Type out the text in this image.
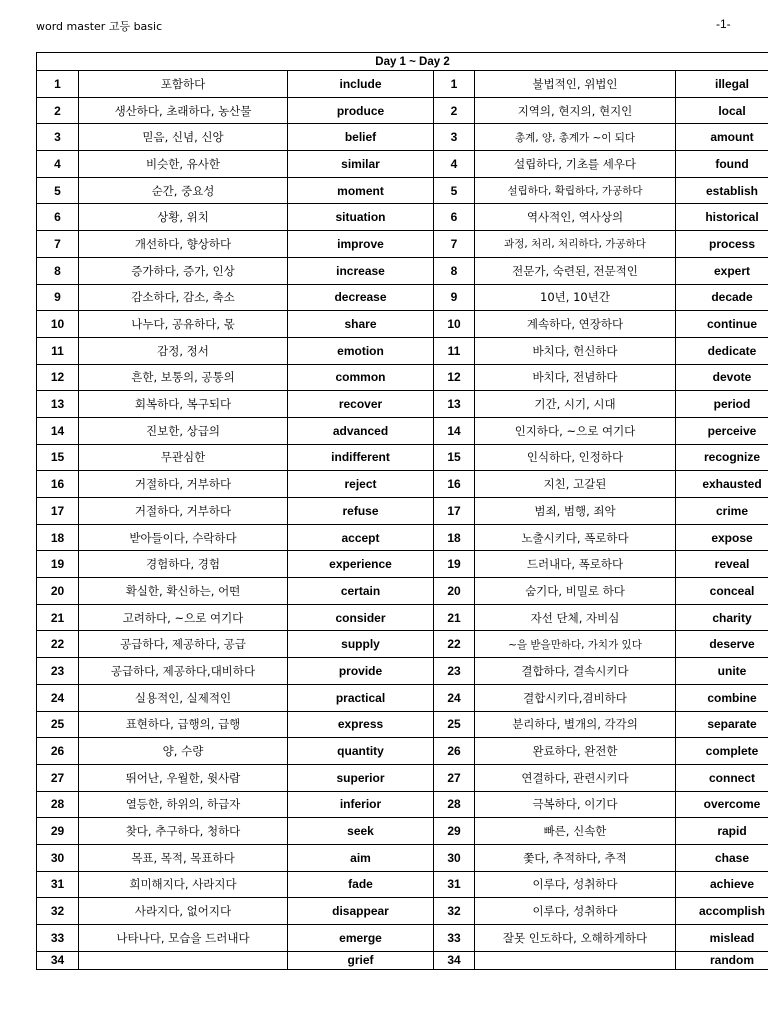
word master 고등 basic	-1-
Day 1 ~ Day 2					
1	포함하다	include	1	불법적인, 위법인	illegal
2	생산하다, 초래하다, 농산물	produce	2	지역의, 현지의, 현지인	local
3	믿음, 신념, 신앙	belief	3	총계, 양, 총계가 ~이 되다	amount
4	비슷한, 유사한	similar	4	설립하다, 기초를 세우다	found
5	순간, 중요성	moment	5	설립하다, 확립하다, 가공하다	establish
6	상황, 위치	situation	6	역사적인, 역사상의	historical
7	개선하다, 향상하다	improve	7	과정, 처리, 처리하다, 가공하다	process
8	증가하다, 증가, 인상	increase	8	전문가, 숙련된, 전문적인	expert
9	감소하다, 감소, 축소	decrease	9	10년, 10년간	decade
10	나누다, 공유하다, 몫	share	10	계속하다, 연장하다	continue
11	감정, 정서	emotion	11	바치다, 헌신하다	dedicate
12	흔한, 보통의, 공통의	common	12	바치다, 전념하다	devote
13	회복하다, 복구되다	recover	13	기간, 시기, 시대	period
14	진보한, 상급의	advanced	14	인지하다, ~으로 여기다	perceive
15	무관심한	indifferent	15	인식하다, 인정하다	recognize
16	거절하다, 거부하다	reject	16	지친, 고갈된	exhausted
17	거절하다, 거부하다	refuse	17	범죄, 범행, 죄악	crime
18	받아들이다, 수락하다	accept	18	노출시키다, 폭로하다	expose
19	경험하다, 경험	experience	19	드러내다, 폭로하다	reveal
20	확실한, 확신하는, 어떤	certain	20	숨기다, 비밀로 하다	conceal
21	고려하다, ~으로 여기다	consider	21	자선 단체, 자비심	charity
22	공급하다, 제공하다, 공급	supply	22	~을 받을만하다, 가치가 있다	deserve
23	공급하다, 제공하다,대비하다	provide	23	결합하다, 결속시키다	unite
24	실용적인, 실제적인	practical	24	결합시키다,겸비하다	combine
25	표현하다, 급행의, 급행	express	25	분리하다, 별개의, 각각의	separate
26	양, 수량	quantity	26	완료하다, 완전한	complete
27	뛰어난, 우월한, 윗사람	superior	27	연결하다, 관련시키다	connect
28	열등한, 하위의, 하급자	inferior	28	극복하다, 이기다	overcome
29	찾다, 추구하다, 청하다	seek	29	빠른, 신속한	rapid
30	목표, 목적, 목표하다	aim	30	쫓다, 추적하다, 추적	chase
31	희미해지다, 사라지다	fade	31	이루다, 성취하다	achieve
32	사라지다, 없어지다	disappear	32	이루다, 성취하다	accomplish
33	나타나다, 모습을 드러내다	emerge	33	잘못 인도하다, 오해하게하다	mislead
34		grief	34		random
